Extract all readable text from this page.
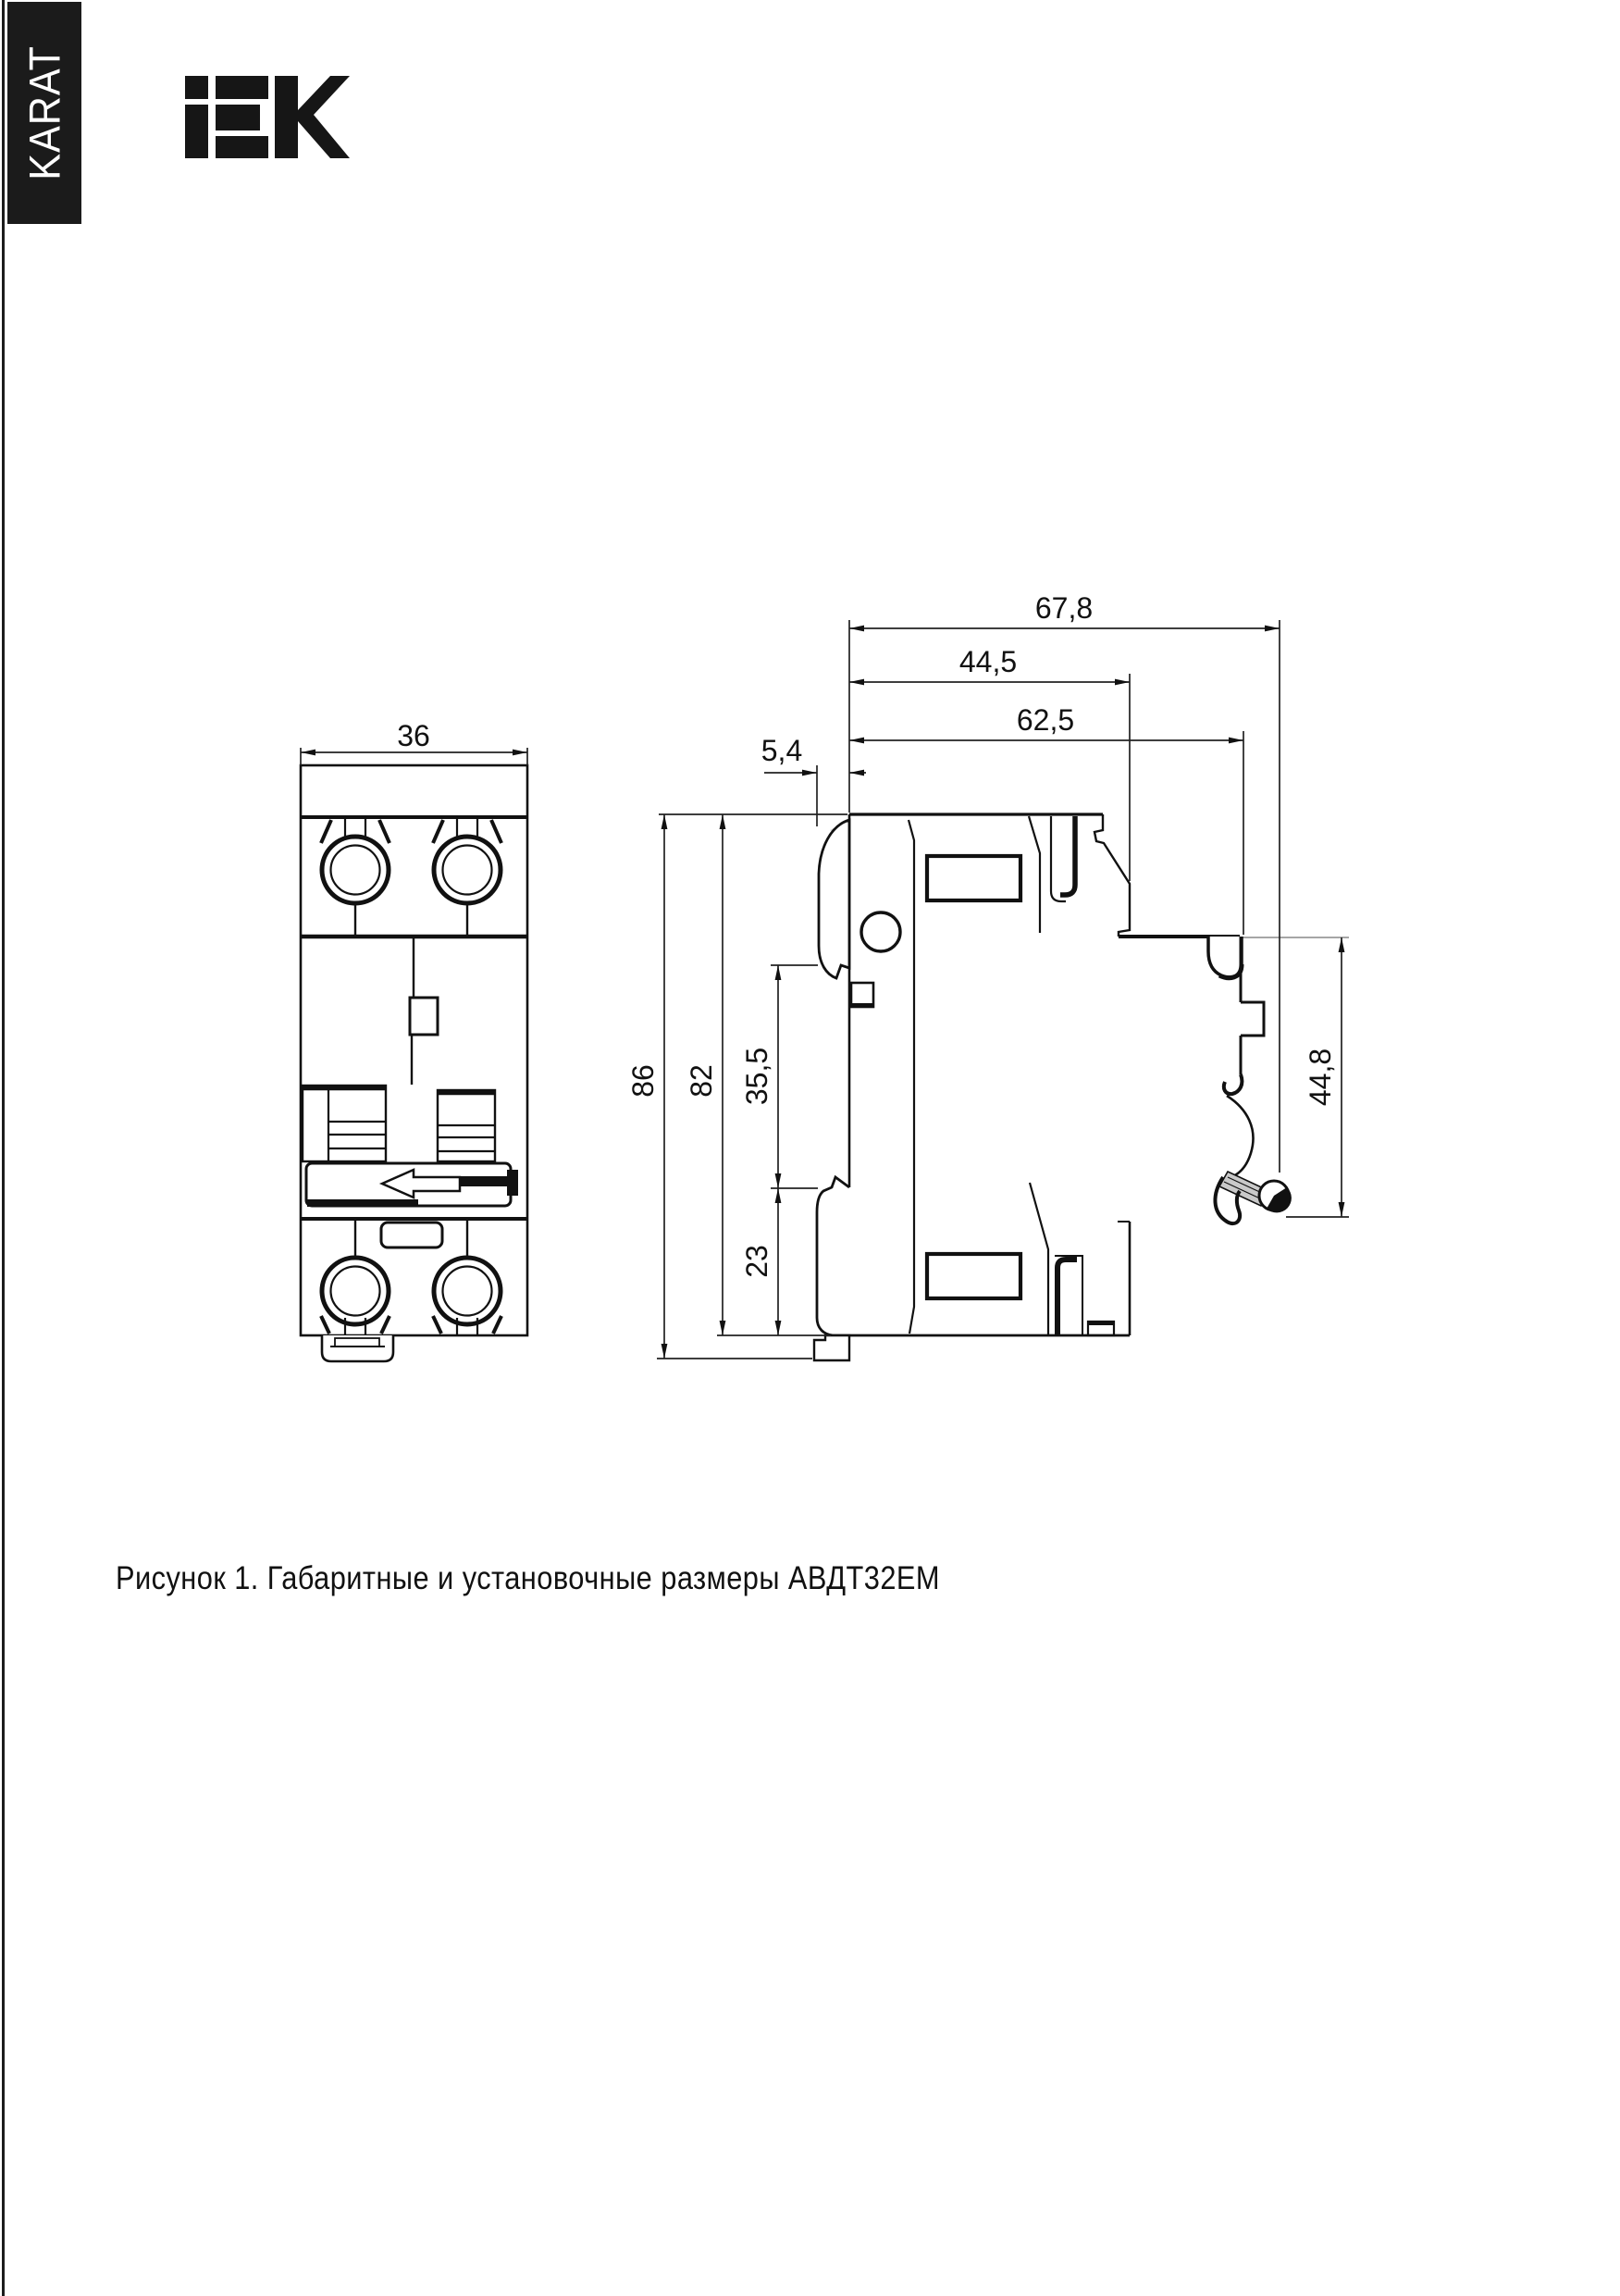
KARAT
36
67,8
44,5
62,5
5,4
86 82 35,5
23
44,8
Рисунок 1. Габаритные и установочные размеры АВДТ32ЕМ
